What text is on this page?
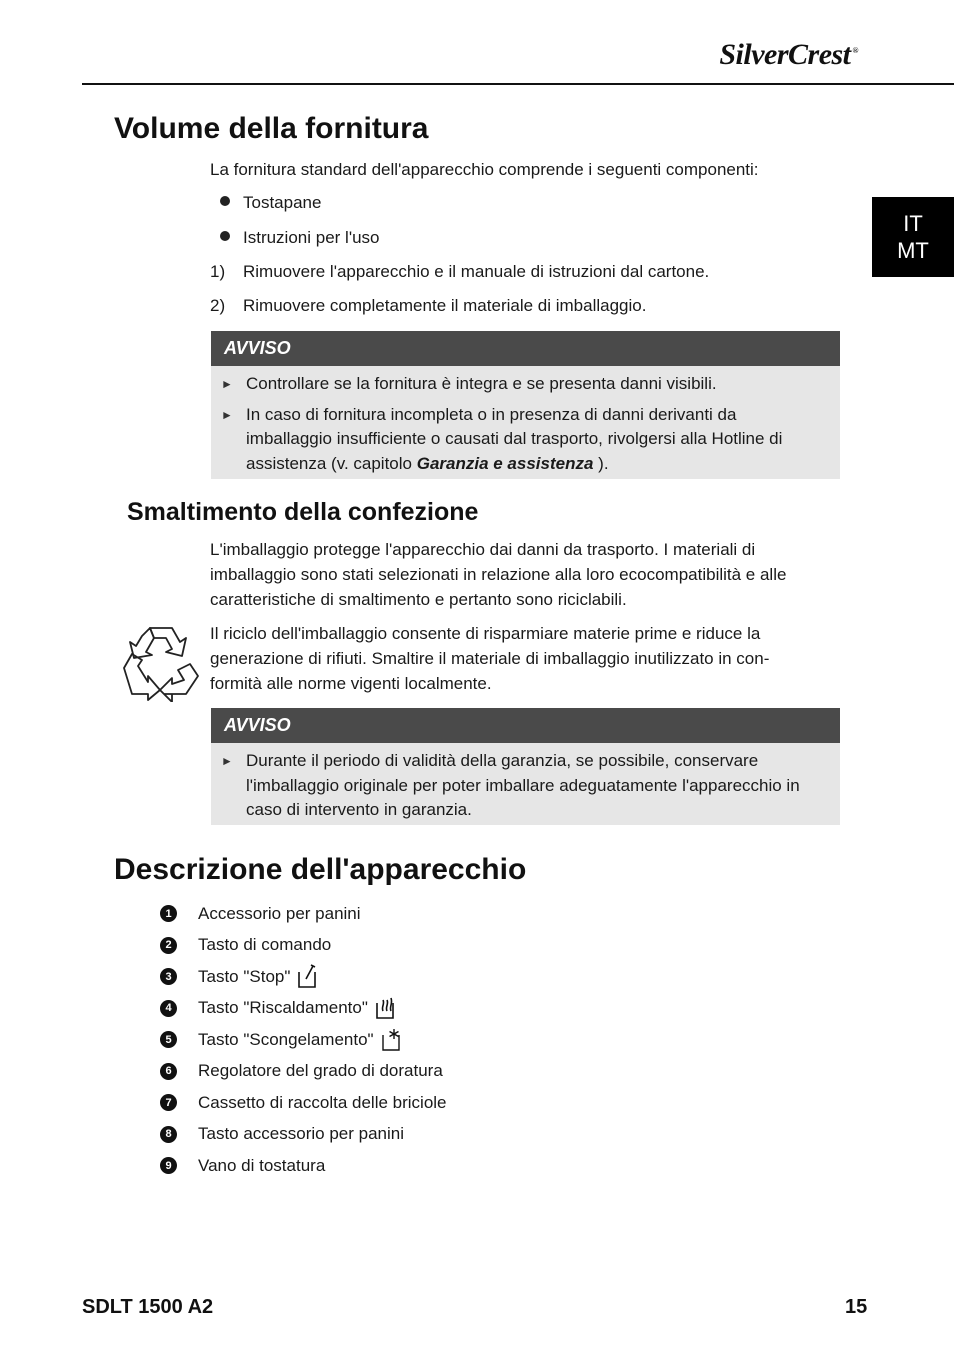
SilverCrest ®
IT
MT
Volume della fornitura

La fornitura standard dell'apparecchio comprende i seguenti componenti:

Tostapane
Istruzioni per l'uso
1) Rimuovere l'apparecchio e il manuale di istruzioni dal cartone.
2) Rimuovere completamente il materiale di imballaggio.
AVVISO
► Controllare se la fornitura è integra e se presenta danni visibili.
► In caso di fornitura incompleta o in presenza di danni derivanti da imballaggio insufficiente o causati dal trasporto, rivolgersi alla Hotline di assistenza (v. capitolo Garanzia e assistenza ).
Smaltimento della confezione

L'imballaggio protegge l'apparecchio dai danni da trasporto. I materiali di imballaggio sono stati selezionati in relazione alla loro ecocompatibilità e alle caratteristiche di smaltimento e pertanto sono riciclabili.

Il riciclo dell'imballaggio consente di risparmiare materie prime e riduce la generazione di rifiuti. Smaltire il materiale di imballaggio inutilizzato in con-formità alle norme vigenti localmente.

AVVISO
► Durante il periodo di validità della garanzia, se possibile, conservare l'imballaggio originale per poter imballare adeguatamente l'apparecchio in caso di intervento in garanzia.
Descrizione dell'apparecchio
1	Accessorio per panini
2	Tasto di comando
3	Tasto "Stop"
4	Tasto "Riscaldamento"
5	Tasto "Scongelamento"
6	Regolatore del grado di doratura
7	Cassetto di raccolta delle briciole
8	Tasto accessorio per panini
9	Vano di tostatura
SDLT 1500 A2	15
